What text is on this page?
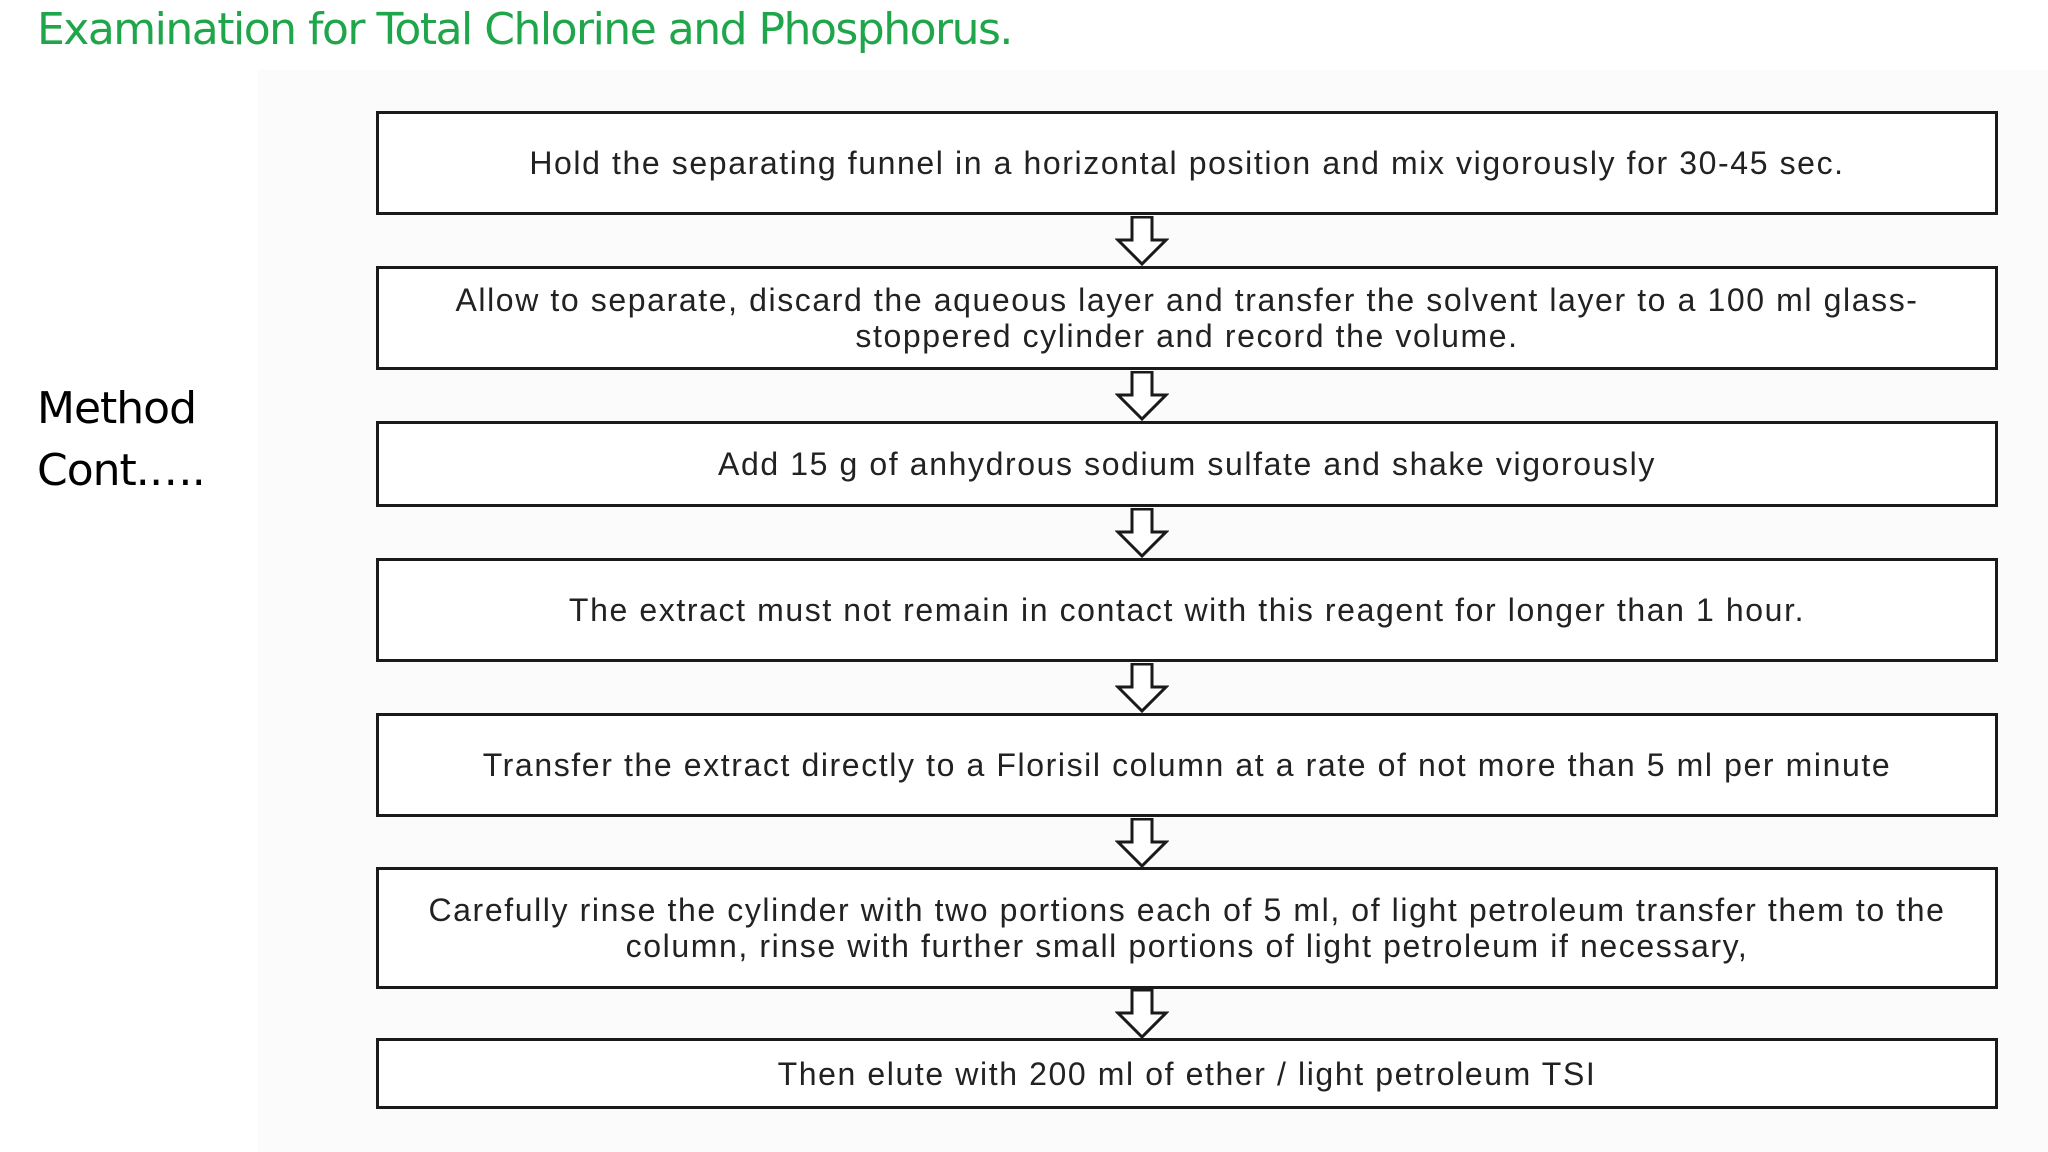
Examination for Total Chlorine and Phosphorus.
Method
Cont.….
Hold the separating funnel in a horizontal position and mix vigorously for 30-45 sec.
Allow to separate, discard the aqueous layer and transfer the solvent layer to a 100 ml glass-stoppered cylinder and record the volume.
Add 15 g of anhydrous sodium sulfate and shake vigorously
The extract must not remain in contact with this reagent for longer than 1 hour.
Transfer the extract directly to a Florisil column at a rate of not more than 5 ml per minute
Carefully rinse the cylinder with two portions each of 5 ml, of light petroleum transfer them to the column, rinse with further small portions of light petroleum if necessary,
Then elute with 200 ml of ether / light petroleum TSI
